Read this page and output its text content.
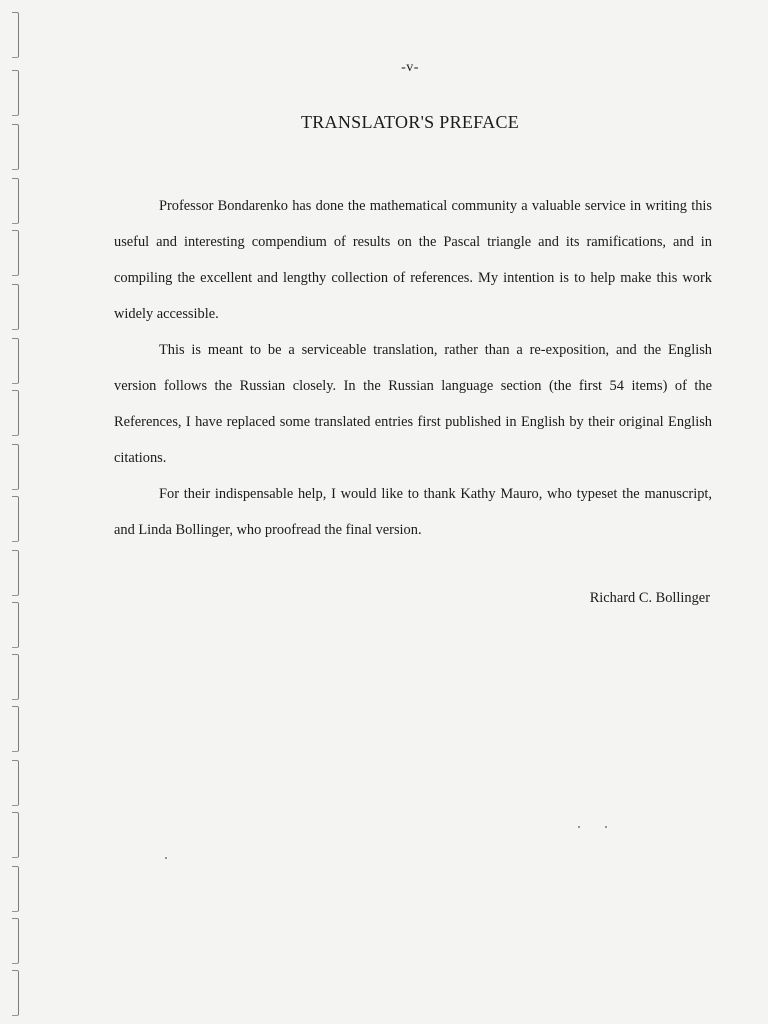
-v-
TRANSLATOR'S PREFACE

Professor Bondarenko has done the mathematical community a valuable service in writing this useful and interesting compendium of results on the Pascal triangle and its ramifications, and in compiling the excellent and lengthy collection of references. My intention is to help make this work widely accessible.

This is meant to be a serviceable translation, rather than a re-exposition, and the English version follows the Russian closely. In the Russian language section (the first 54 items) of the References, I have replaced some translated entries first published in English by their original English citations.

For their indispensable help, I would like to thank Kathy Mauro, who typeset the manuscript, and Linda Bollinger, who proofread the final version.

Richard C. Bollinger
